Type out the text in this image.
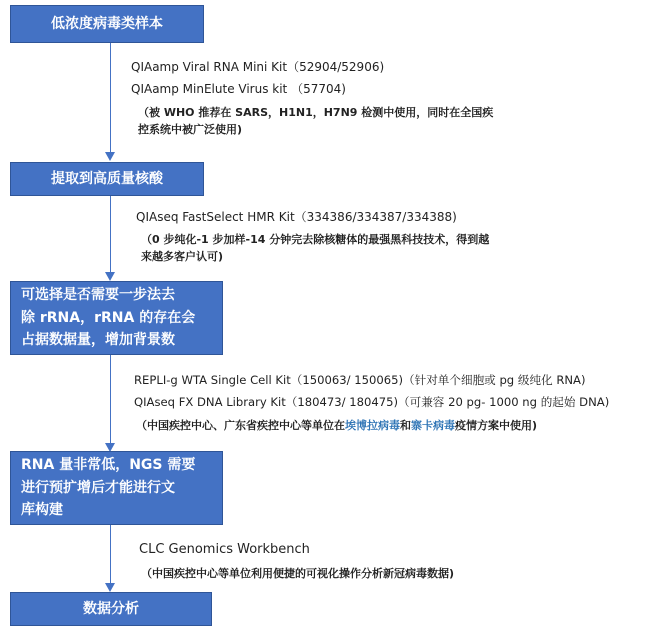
低浓度病毒类样本
QIAamp Viral RNA Mini Kit（52904/52906)
QIAamp MinElute Virus kit （57704)
（被 WHO 推荐在 SARS，H1N1，H7N9 检测中使用，同时在全国疾
控系统中被广泛使用)
提取到高质量核酸
QIAseq FastSelect HMR Kit（334386/334387/334388)
（0 步纯化-1 步加样-14 分钟完去除核糖体的最强黑科技技术，得到越
来越多客户认可)
可选择是否需要一步法去
除 rRNA，rRNA 的存在会
占据数据量，增加背景数
REPLI-g WTA Single Cell Kit（150063/ 150065)（针对单个细胞或 pg 级纯化 RNA)
QIAseq FX DNA Library Kit（180473/ 180475)（可兼容 20 pg- 1000 ng 的起始 DNA)
（中国疾控中心、广东省疾控中心等单位在埃博拉病毒和寨卡病毒疫情方案中使用)
RNA 量非常低，NGS 需要
进行预扩增后才能进行文
库构建
CLC Genomics Workbench
（中国疾控中心等单位利用便捷的可视化操作分析新冠病毒数据)
数据分析
